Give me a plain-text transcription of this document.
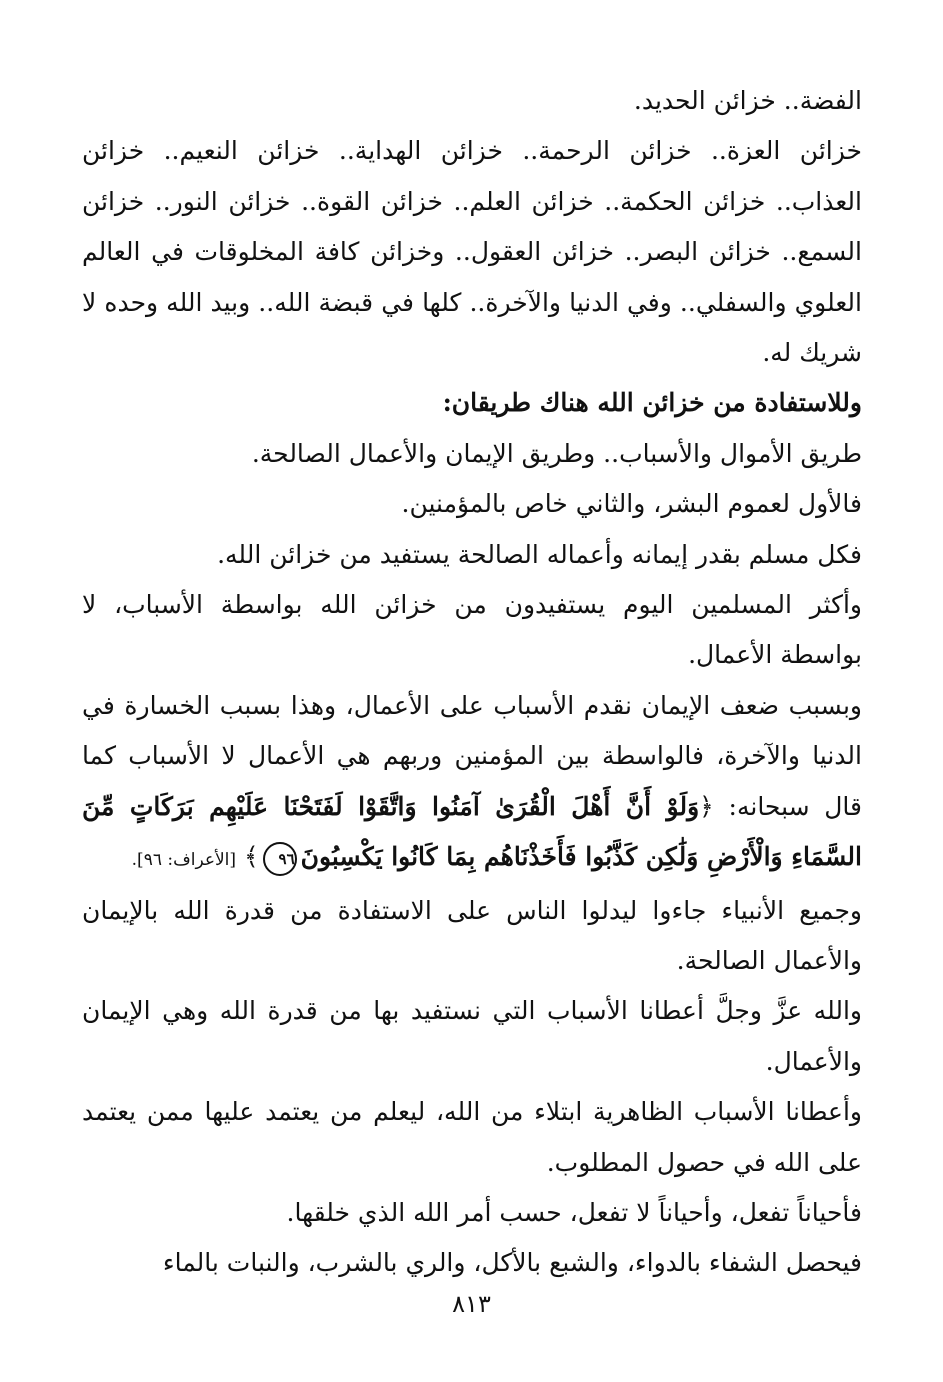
الفضة.. خزائن الحديد.

خزائن العزة.. خزائن الرحمة.. خزائن الهداية.. خزائن النعيم.. خزائن العذاب.. خزائن الحكمة.. خزائن العلم.. خزائن القوة.. خزائن النور.. خزائن السمع.. خزائن البصر.. خزائن العقول.. وخزائن كافة المخلوقات في العالم العلوي والسفلي.. وفي الدنيا والآخرة.. كلها في قبضة الله.. وبيد الله وحده لا شريك له.

وللاستفادة من خزائن الله هناك طريقان:

طريق الأموال والأسباب.. وطريق الإيمان والأعمال الصالحة.

فالأول لعموم البشر، والثاني خاص بالمؤمنين.

فكل مسلم بقدر إيمانه وأعماله الصالحة يستفيد من خزائن الله.

وأكثر المسلمين اليوم يستفيدون من خزائن الله بواسطة الأسباب، لا بواسطة الأعمال.

وبسبب ضعف الإيمان نقدم الأسباب على الأعمال، وهذا بسبب الخسارة في الدنيا والآخرة، فالواسطة بين المؤمنين وربهم هي الأعمال لا الأسباب كما قال سبحانه: ﴿وَلَوْ أَنَّ أَهْلَ الْقُرَىٰ آمَنُوا وَاتَّقَوْا لَفَتَحْنَا عَلَيْهِم بَرَكَاتٍ مِّنَ السَّمَاءِ وَالْأَرْضِ وَلَٰكِن كَذَّبُوا فَأَخَذْنَاهُم بِمَا كَانُوا يَكْسِبُونَ٩٦﴾ [الأعراف: ٩٦].

وجميع الأنبياء جاءوا ليدلوا الناس على الاستفادة من قدرة الله بالإيمان والأعمال الصالحة.

والله عزَّ وجلَّ أعطانا الأسباب التي نستفيد بها من قدرة الله وهي الإيمان والأعمال.

وأعطانا الأسباب الظاهرية ابتلاء من الله، ليعلم من يعتمد عليها ممن يعتمد على الله في حصول المطلوب.

فأحياناً تفعل، وأحياناً لا تفعل، حسب أمر الله الذي خلقها.

فيحصل الشفاء بالدواء، والشبع بالأكل، والري بالشرب، والنبات بالماء

٨١٣
